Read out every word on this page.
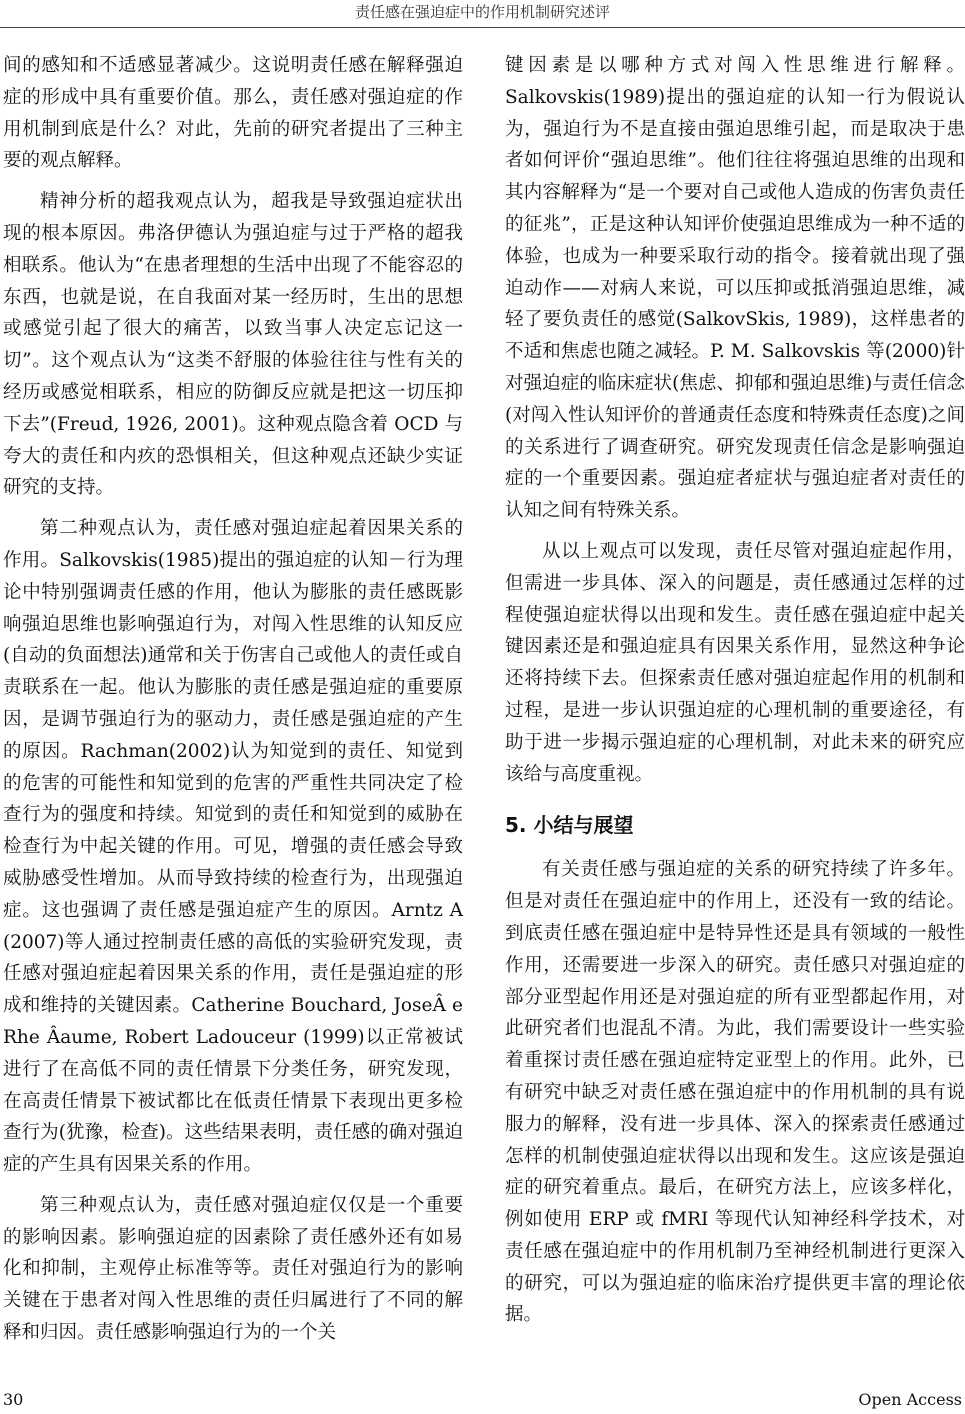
责任感在强迫症中的作用机制研究述评

间的感知和不适感显著减少。这说明责任感在解释强迫症的形成中具有重要价值。那么，责任感对强迫症的作用机制到底是什么？对此，先前的研究者提出了三种主要的观点解释。

精神分析的超我观点认为，超我是导致强迫症状出现的根本原因。弗洛伊德认为强迫症与过于严格的超我相联系。他认为“在患者理想的生活中出现了不能容忍的东西，也就是说，在自我面对某一经历时，生出的思想或感觉引起了很大的痛苦，以致当事人决定忘记这一切”。这个观点认为“这类不舒服的体验往往与性有关的经历或感觉相联系，相应的防御反应就是把这一切压抑下去”(Freud, 1926, 2001)。这种观点隐含着 OCD 与夸大的责任和内疚的恐惧相关，但这种观点还缺少实证研究的支持。

第二种观点认为，责任感对强迫症起着因果关系的作用。Salkovskis(1985)提出的强迫症的认知－行为理论中特别强调责任感的作用，他认为膨胀的责任感既影响强迫思维也影响强迫行为，对闯入性思维的认知反应(自动的负面想法)通常和关于伤害自己或他人的责任或自责联系在一起。他认为膨胀的责任感是强迫症的重要原因，是调节强迫行为的驱动力，责任感是强迫症的产生的原因。Rachman(2002)认为知觉到的责任、知觉到的危害的可能性和知觉到的危害的严重性共同决定了检查行为的强度和持续。知觉到的责任和知觉到的威胁在检查行为中起关键的作用。可见，增强的责任感会导致威胁感受性增加。从而导致持续的检查行为，出现强迫症。这也强调了责任感是强迫症产生的原因。Arntz A (2007)等人通过控制责任感的高低的实验研究发现，责任感对强迫症起着因果关系的作用，责任是强迫症的形成和维持的关键因素。Catherine Bouchard, JoseÂ e Rhe Âaume, Robert Ladouceur (1999)以正常被试进行了在高低不同的责任情景下分类任务，研究发现，在高责任情景下被试都比在低责任情景下表现出更多检查行为(犹豫，检查)。这些结果表明，责任感的确对强迫症的产生具有因果关系的作用。

第三种观点认为，责任感对强迫症仅仅是一个重要的影响因素。影响强迫症的因素除了责任感外还有如易化和抑制，主观停止标准等等。责任对强迫行为的影响关键在于患者对闯入性思维的责任归属进行了不同的解释和归因。责任感影响强迫行为的一个关

键因素是以哪种方式对闯入性思维进行解释。Salkovskis(1989)提出的强迫症的认知一行为假说认为，强迫行为不是直接由强迫思维引起，而是取决于患者如何评价“强迫思维”。他们往往将强迫思维的出现和其内容解释为“是一个要对自己或他人造成的伤害负责任的征兆”，正是这种认知评价使强迫思维成为一种不适的体验，也成为一种要采取行动的指令。接着就出现了强迫动作——对病人来说，可以压抑或抵消强迫思维，减轻了要负责任的感觉(SalkovSkis, 1989)，这样患者的不适和焦虑也随之减轻。P. M. Salkovskis 等(2000)针对强迫症的临床症状(焦虑、抑郁和强迫思维)与责任信念(对闯入性认知评价的普通责任态度和特殊责任态度)之间的关系进行了调查研究。研究发现责任信念是影响强迫症的一个重要因素。强迫症者症状与强迫症者对责任的认知之间有特殊关系。

从以上观点可以发现，责任尽管对强迫症起作用，但需进一步具体、深入的问题是，责任感通过怎样的过程使强迫症状得以出现和发生。责任感在强迫症中起关键因素还是和强迫症具有因果关系作用，显然这种争论还将持续下去。但探索责任感对强迫症起作用的机制和过程，是进一步认识强迫症的心理机制的重要途径，有助于进一步揭示强迫症的心理机制，对此未来的研究应该给与高度重视。

5. 小结与展望

有关责任感与强迫症的关系的研究持续了许多年。但是对责任在强迫症中的作用上，还没有一致的结论。到底责任感在强迫症中是特异性还是具有领域的一般性作用，还需要进一步深入的研究。责任感只对强迫症的部分亚型起作用还是对强迫症的所有亚型都起作用，对此研究者们也混乱不清。为此，我们需要设计一些实验着重探讨责任感在强迫症特定亚型上的作用。此外，已有研究中缺乏对责任感在强迫症中的作用机制的具有说服力的解释，没有进一步具体、深入的探索责任感通过怎样的机制使强迫症状得以出现和发生。这应该是强迫症的研究着重点。最后，在研究方法上，应该多样化，例如使用 ERP 或 fMRI 等现代认知神经科学技术，对责任感在强迫症中的作用机制乃至神经机制进行更深入的研究，可以为强迫症的临床治疗提供更丰富的理论依据。

30	Open Access
